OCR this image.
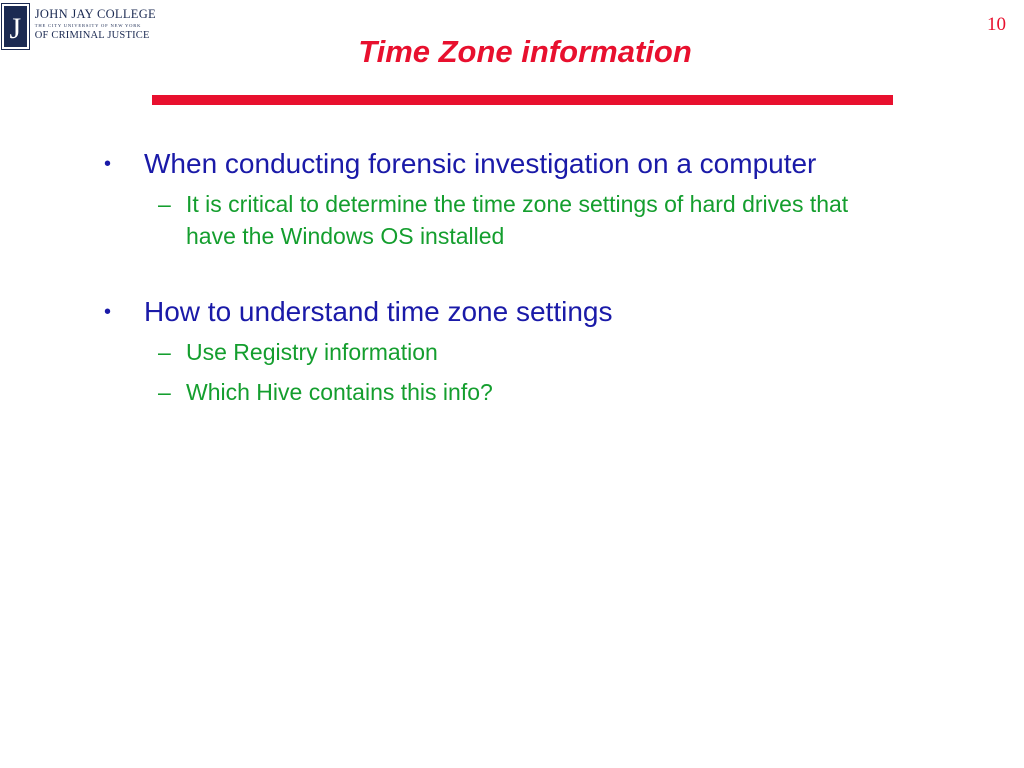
J	JOHN JAY COLLEGE
THE CITY UNIVERSITY OF NEW YORK
OF CRIMINAL JUSTICE
10
Time Zone information
•	When conducting forensic investigation on a computer
– It is critical to determine the time zone settings of hard drives that have the Windows OS installed
•	How to understand time zone settings
– Use Registry information
– Which Hive contains this info?
